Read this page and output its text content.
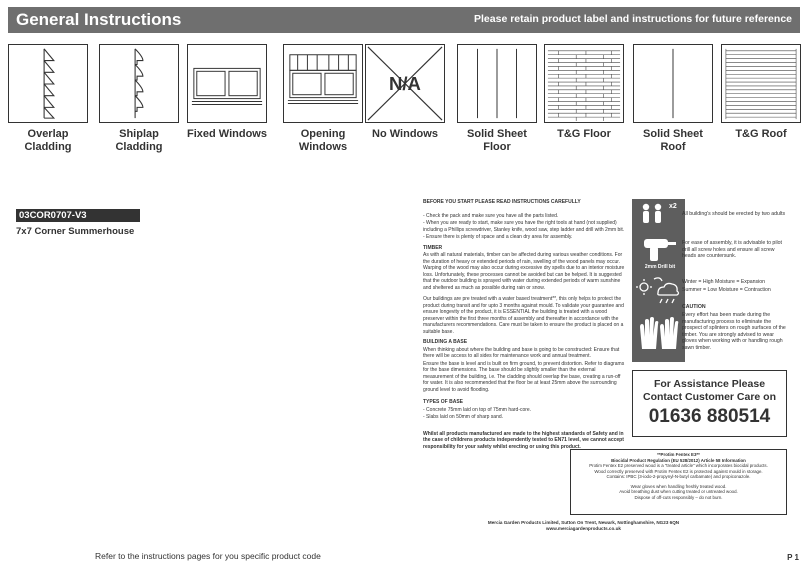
General Instructions	Please retain product label and instructions for future reference
Overlap Cladding
Shiplap Cladding
Fixed Windows	Opening Windows
N/A
No Windows	Solid Sheet Floor
T&G Floor	Solid Sheet Roof
T&G Roof
03COR0707-V3
7x7 Corner Summerhouse
BEFORE YOU START PLEASE READ INSTRUCTIONS CAREFULLY

- Check the pack and make sure you have all the parts listed.

- When you are ready to start, make sure you have the right tools at hand (not supplied) including a Phillips screwdriver, Stanley knife, wood saw, step ladder and drill with 2mm bit.

- Ensure there is plenty of space and a clean dry area for assembly.

TIMBER

As with all natural materials, timber can be affected during various weather conditions. For the duration of heavy or extended periods of rain, swelling of the wood panels may occur. Warping of the wood may also occur during excessive dry spells due to an interior moisture loss. Unfortunately, these processes cannot be avoided but can be helped. It is suggested that the outdoor building is sprayed with water during extended periods of warm sunshine and sheltered as much as possible during rain or snow.

Our buildings are pre treated with a water based treatment**, this only helps to protect the product during transit and for upto 3 months against mould. To validate your guarantee and ensure longevity of the product, it is ESSENTIAL the building is treated with a wood preserver within the first three months of assembly and thereafter in accordance with the manufacturers recommendations. Care must be taken to ensure the product is placed on a suitable base.

BUILDING A BASE

When thinking about where the building and base is going to be constructed: Ensure that there will be access to all sides for maintenance work and annual treatment.

Ensure the base is level and is built on firm ground, to prevent distortion. Refer to diagrams for the base dimensions. The base should be slightly smaller than the external measurement of the building, i.e. The cladding should overlap the base, creating a run-off for water. It is also recommended that the floor be at least 25mm above the surrounding ground level to avoid flooding.

TYPES OF BASE

- Concrete 75mm laid on top of 75mm hard-core.

- Slabs laid on 50mm of sharp sand.

Whilst all products manufactured are made to the highest standards of Safety and in the case of childrens products independently tested to EN71 level, we cannot accept responsibility for your safety whilst erecting or using this product.

Mercia Garden Products Limited, Sutton On Trent, Newark, Nottinghamshire, NG23 6QN
www.merciagardenproducts.co.uk
x2
2mm Drill bit
All building's should be erected by two adults
For ease of assembly, it is advisable to pilot drill all screw holes and ensure all screw heads are countersunk.
Winter = High Moisture = Expansion
Summer = Low Moisture = Contraction
CAUTION
Every effort has been made during the manufacturing process to eliminate the prospect of splinters on rough surfaces of the timber. You are strongly advised to wear gloves when working with or handling rough sawn timber.
For Assistance Please
Contact Customer Care on
01636 880514
**Protim Fentex E3**
Biocidal Product Regulation (EU 528/2012) Article 58 Information
Protim Fentex E2 preserved wood is a "treated article" which incorporates biocidal products.
Wood correctly preserved with Protim Fentex E2 is protected against mould in storage.
Contains: IPBC (3-iodo-2-propynyl-N-butyl carbamate) and propiconazole.
Wear gloves when handling freshly treated wood.
Avoid breathing dust when cutting treated or untreated wood.
Dispose of off-cuts responsibly – do not burn.
Refer to the instructions pages for you specific product code	P 1
